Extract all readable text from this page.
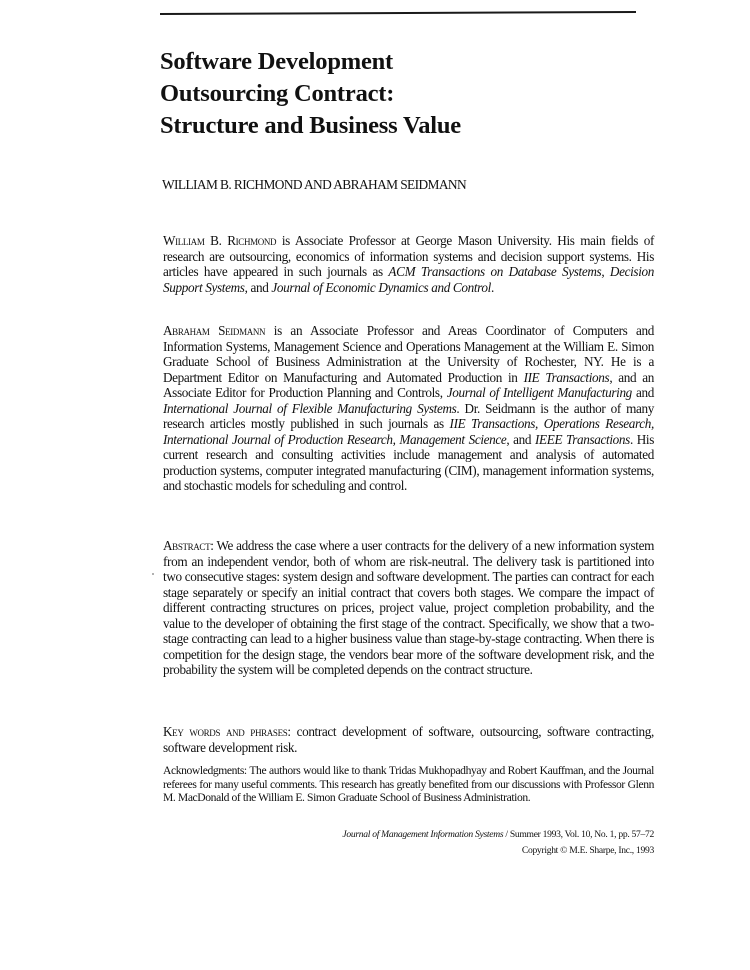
Software Development
Outsourcing Contract:
Structure and Business Value
WILLIAM B. RICHMOND AND ABRAHAM SEIDMANN

William B. Richmond is Associate Professor at George Mason University. His main fields of research are outsourcing, economics of information systems and decision support systems. His articles have appeared in such journals as ACM Transactions on Database Systems, Decision Support Systems, and Journal of Economic Dynamics and Control.

Abraham Seidmann is an Associate Professor and Areas Coordinator of Computers and Information Systems, Management Science and Operations Management at the William E. Simon Graduate School of Business Administration at the University of Rochester, NY. He is a Department Editor on Manufacturing and Automated Production in IIE Transactions, and an Associate Editor for Production Planning and Controls, Journal of Intelligent Manufacturing and International Journal of Flexible Manufacturing Systems. Dr. Seidmann is the author of many research articles mostly published in such journals as IIE Transactions, Operations Research, International Journal of Production Research, Management Science, and IEEE Transactions. His current research and consulting activities include management and analysis of automated production systems, computer integrated manufacturing (CIM), management information systems, and stochastic models for scheduling and control.

Abstract: We address the case where a user contracts for the delivery of a new information system from an independent vendor, both of whom are risk-neutral. The delivery task is partitioned into two consecutive stages: system design and software development. The parties can contract for each stage separately or specify an initial contract that covers both stages. We compare the impact of different contracting structures on prices, project value, project completion probability, and the value to the developer of obtaining the first stage of the contract. Specifically, we show that a two-stage contracting can lead to a higher business value than stage-by-stage contracting. When there is competition for the design stage, the vendors bear more of the software development risk, and the probability the system will be completed depends on the contract structure.

Key words and phrases: contract development of software, outsourcing, software contracting, software development risk.

Acknowledgments: The authors would like to thank Tridas Mukhopadhyay and Robert Kauffman, and the Journal referees for many useful comments. This research has greatly benefited from our discussions with Professor Glenn M. MacDonald of the William E. Simon Graduate School of Business Administration.

Journal of Management Information Systems / Summer 1993, Vol. 10, No. 1, pp. 57–72
Copyright © M.E. Sharpe, Inc., 1993
